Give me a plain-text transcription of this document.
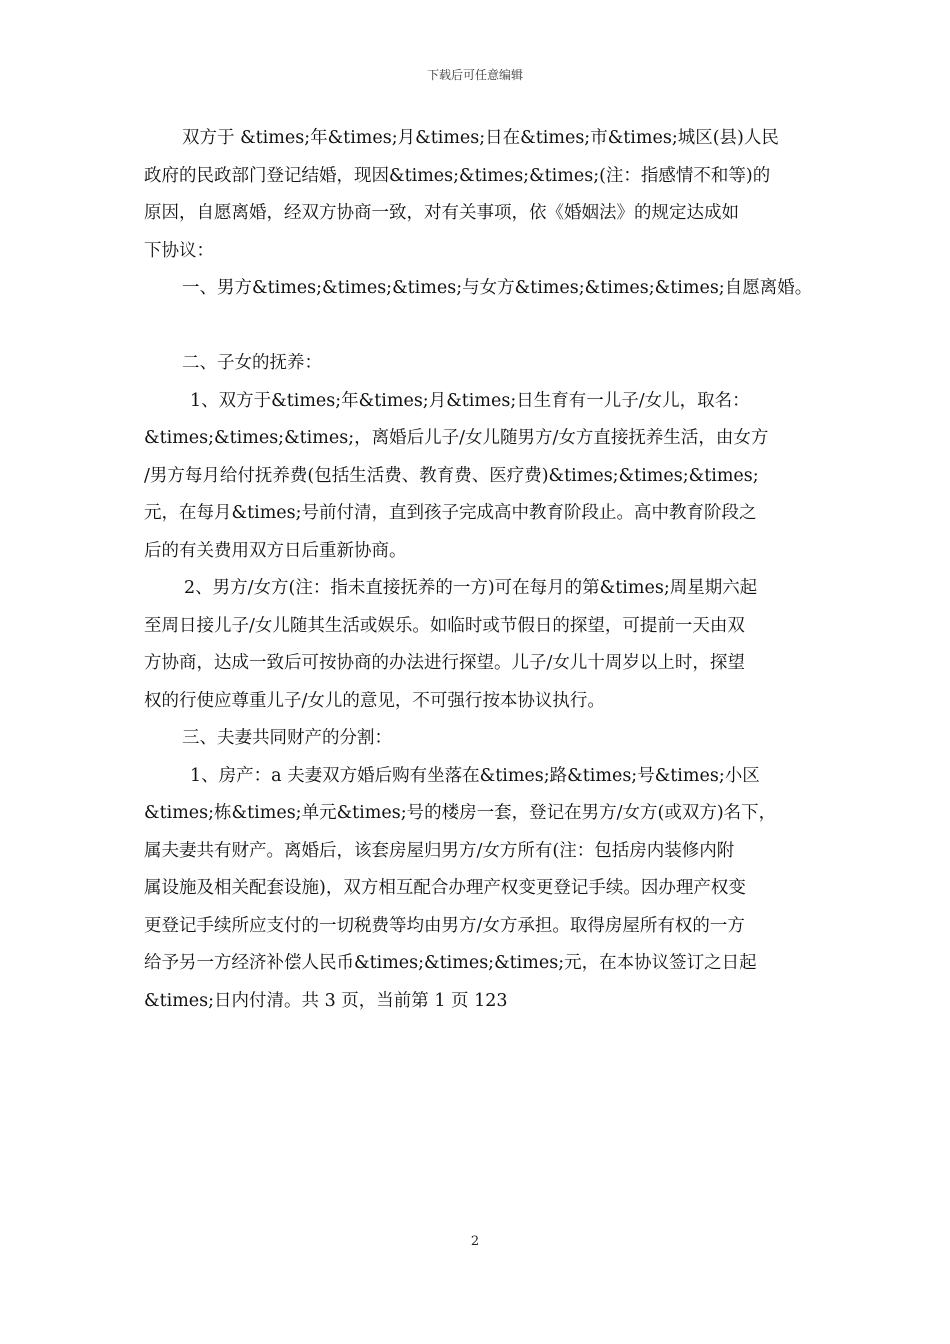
下载后可任意编辑
双方于 &times;年&times;月&times;日在&times;市&times;城区(县)人民
政府的民政部门登记结婚，现因&times;&times;&times;(注：指感情不和等)的
原因，自愿离婚，经双方协商一致，对有关事项，依《婚姻法》的规定达成如
下协议：
一、男方&times;&times;&times;与女方&times;&times;&times;自愿离婚。
二、子女的抚养：
1、双方于&times;年&times;月&times;日生育有一儿子/女儿，取名：
&times;&times;&times;，离婚后儿子/女儿随男方/女方直接抚养生活，由女方
/男方每月给付抚养费(包括生活费、教育费、医疗费)&times;&times;&times;
元，在每月&times;号前付清，直到孩子完成高中教育阶段止。高中教育阶段之
后的有关费用双方日后重新协商。
2、男方/女方(注：指未直接抚养的一方)可在每月的第&times;周星期六起
至周日接儿子/女儿随其生活或娱乐。如临时或节假日的探望，可提前一天由双
方协商，达成一致后可按协商的办法进行探望。儿子/女儿十周岁以上时，探望
权的行使应尊重儿子/女儿的意见，不可强行按本协议执行。
三、夫妻共同财产的分割：
1、房产：a 夫妻双方婚后购有坐落在&times;路&times;号&times;小区
&times;栋&times;单元&times;号的楼房一套，登记在男方/女方(或双方)名下，
属夫妻共有财产。离婚后，该套房屋归男方/女方所有(注：包括房内装修内附
属设施及相关配套设施)，双方相互配合办理产权变更登记手续。因办理产权变
更登记手续所应支付的一切税费等均由男方/女方承担。取得房屋所有权的一方
给予另一方经济补偿人民币&times;&times;&times;元，在本协议签订之日起
&times;日内付清。共 3 页，当前第 1 页 123
2
